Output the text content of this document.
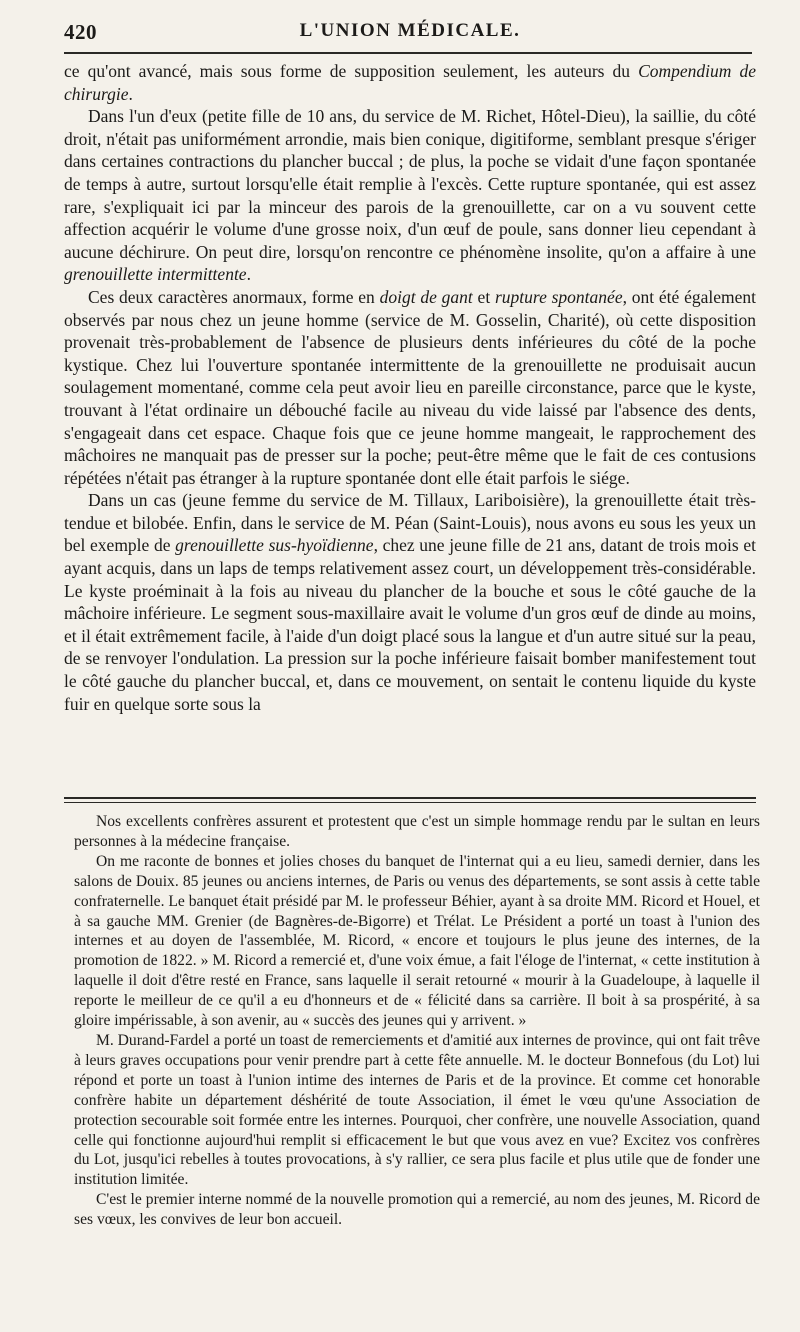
420	L'UNION MÉDICALE.

ce qu'ont avancé, mais sous forme de supposition seulement, les auteurs du Compendium de chirurgie.

Dans l'un d'eux (petite fille de 10 ans, du service de M. Richet, Hôtel-Dieu), la saillie, du côté droit, n'était pas uniformément arrondie, mais bien conique, digitiforme, semblant presque s'ériger dans certaines contractions du plancher buccal ; de plus, la poche se vidait d'une façon spontanée de temps à autre, surtout lorsqu'elle était remplie à l'excès. Cette rupture spontanée, qui est assez rare, s'expliquait ici par la minceur des parois de la grenouillette, car on a vu souvent cette affection acquérir le volume d'une grosse noix, d'un œuf de poule, sans donner lieu cependant à aucune déchirure. On peut dire, lorsqu'on rencontre ce phénomène insolite, qu'on a affaire à une grenouillette intermittente.

Ces deux caractères anormaux, forme en doigt de gant et rupture spontanée, ont été également observés par nous chez un jeune homme (service de M. Gosselin, Charité), où cette disposition provenait très-probablement de l'absence de plusieurs dents inférieures du côté de la poche kystique. Chez lui l'ouverture spontanée intermittente de la grenouillette ne produisait aucun soulagement momentané, comme cela peut avoir lieu en pareille circonstance, parce que le kyste, trouvant à l'état ordinaire un débouché facile au niveau du vide laissé par l'absence des dents, s'engageait dans cet espace. Chaque fois que ce jeune homme mangeait, le rapprochement des mâchoires ne manquait pas de presser sur la poche; peut-être même que le fait de ces contusions répétées n'était pas étranger à la rupture spontanée dont elle était parfois le siége.

Dans un cas (jeune femme du service de M. Tillaux, Lariboisière), la grenouillette était très-tendue et bilobée. Enfin, dans le service de M. Péan (Saint-Louis), nous avons eu sous les yeux un bel exemple de grenouillette sus-hyoïdienne, chez une jeune fille de 21 ans, datant de trois mois et ayant acquis, dans un laps de temps relativement assez court, un développement très-considérable. Le kyste proéminait à la fois au niveau du plancher de la bouche et sous le côté gauche de la mâchoire inférieure. Le segment sous-maxillaire avait le volume d'un gros œuf de dinde au moins, et il était extrêmement facile, à l'aide d'un doigt placé sous la langue et d'un autre situé sur la peau, de se renvoyer l'ondulation. La pression sur la poche inférieure faisait bomber manifestement tout le côté gauche du plancher buccal, et, dans ce mouvement, on sentait le contenu liquide du kyste fuir en quelque sorte sous la

Nos excellents confrères assurent et protestent que c'est un simple hommage rendu par le sultan en leurs personnes à la médecine française.

On me raconte de bonnes et jolies choses du banquet de l'internat qui a eu lieu, samedi dernier, dans les salons de Douix. 85 jeunes ou anciens internes, de Paris ou venus des départements, se sont assis à cette table confraternelle. Le banquet était présidé par M. le professeur Béhier, ayant à sa droite MM. Ricord et Houel, et à sa gauche MM. Grenier (de Bagnères-de-Bigorre) et Trélat. Le Président a porté un toast à l'union des internes et au doyen de l'assemblée, M. Ricord, « encore et toujours le plus jeune des internes, de la promotion de 1822. » M. Ricord a remercié et, d'une voix émue, a fait l'éloge de l'internat, « cette institution à laquelle il doit d'être resté en France, sans laquelle il serait retourné « mourir à la Guadeloupe, à laquelle il reporte le meilleur de ce qu'il a eu d'honneurs et de « félicité dans sa carrière. Il boit à sa prospérité, à sa gloire impérissable, à son avenir, au « succès des jeunes qui y arrivent. »

M. Durand-Fardel a porté un toast de remerciements et d'amitié aux internes de province, qui ont fait trêve à leurs graves occupations pour venir prendre part à cette fête annuelle. M. le docteur Bonnefous (du Lot) lui répond et porte un toast à l'union intime des internes de Paris et de la province. Et comme cet honorable confrère habite un département déshérité de toute Association, il émet le vœu qu'une Association de protection secourable soit formée entre les internes. Pourquoi, cher confrère, une nouvelle Association, quand celle qui fonctionne aujourd'hui remplit si efficacement le but que vous avez en vue? Excitez vos confrères du Lot, jusqu'ici rebelles à toutes provocations, à s'y rallier, ce sera plus facile et plus utile que de fonder une institution limitée.

C'est le premier interne nommé de la nouvelle promotion qui a remercié, au nom des jeunes, M. Ricord de ses vœux, les convives de leur bon accueil.
